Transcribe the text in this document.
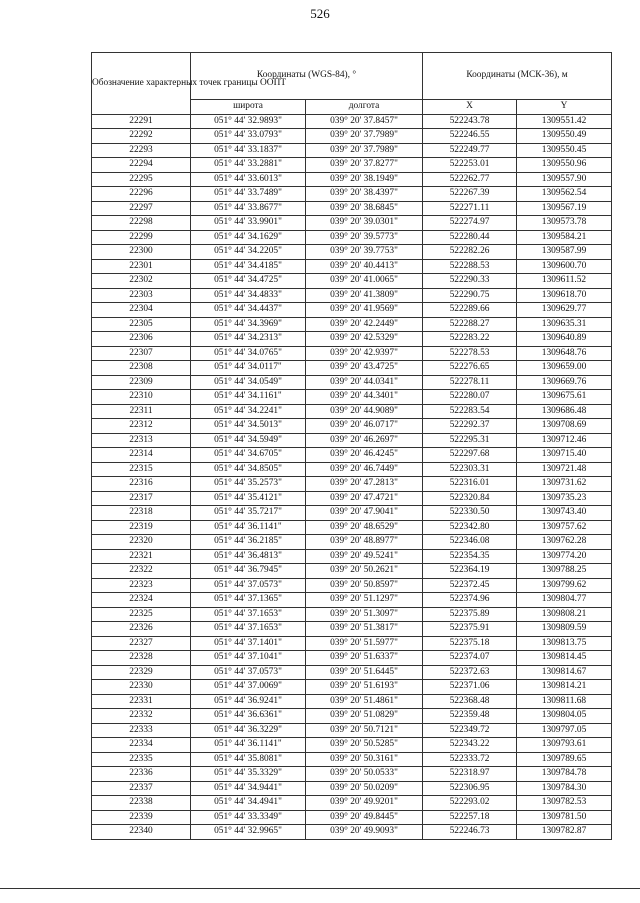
526
Обозначение характерных точек границы ООПТ	Координаты (WGS-84), °		Координаты (МСК-36), м	
	широта	долгота	X	Y
22291	051° 44' 32.9893"	039° 20' 37.8457"	522243.78	1309551.42
22292	051° 44' 33.0793"	039° 20' 37.7989"	522246.55	1309550.49
22293	051° 44' 33.1837"	039° 20' 37.7989"	522249.77	1309550.45
22294	051° 44' 33.2881"	039° 20' 37.8277"	522253.01	1309550.96
22295	051° 44' 33.6013"	039° 20' 38.1949"	522262.77	1309557.90
22296	051° 44' 33.7489"	039° 20' 38.4397"	522267.39	1309562.54
22297	051° 44' 33.8677"	039° 20' 38.6845"	522271.11	1309567.19
22298	051° 44' 33.9901"	039° 20' 39.0301"	522274.97	1309573.78
22299	051° 44' 34.1629"	039° 20' 39.5773"	522280.44	1309584.21
22300	051° 44' 34.2205"	039° 20' 39.7753"	522282.26	1309587.99
22301	051° 44' 34.4185"	039° 20' 40.4413"	522288.53	1309600.70
22302	051° 44' 34.4725"	039° 20' 41.0065"	522290.33	1309611.52
22303	051° 44' 34.4833"	039° 20' 41.3809"	522290.75	1309618.70
22304	051° 44' 34.4437"	039° 20' 41.9569"	522289.66	1309629.77
22305	051° 44' 34.3969"	039° 20' 42.2449"	522288.27	1309635.31
22306	051° 44' 34.2313"	039° 20' 42.5329"	522283.22	1309640.89
22307	051° 44' 34.0765"	039° 20' 42.9397"	522278.53	1309648.76
22308	051° 44' 34.0117"	039° 20' 43.4725"	522276.65	1309659.00
22309	051° 44' 34.0549"	039° 20' 44.0341"	522278.11	1309669.76
22310	051° 44' 34.1161"	039° 20' 44.3401"	522280.07	1309675.61
22311	051° 44' 34.2241"	039° 20' 44.9089"	522283.54	1309686.48
22312	051° 44' 34.5013"	039° 20' 46.0717"	522292.37	1309708.69
22313	051° 44' 34.5949"	039° 20' 46.2697"	522295.31	1309712.46
22314	051° 44' 34.6705"	039° 20' 46.4245"	522297.68	1309715.40
22315	051° 44' 34.8505"	039° 20' 46.7449"	522303.31	1309721.48
22316	051° 44' 35.2573"	039° 20' 47.2813"	522316.01	1309731.62
22317	051° 44' 35.4121"	039° 20' 47.4721"	522320.84	1309735.23
22318	051° 44' 35.7217"	039° 20' 47.9041"	522330.50	1309743.40
22319	051° 44' 36.1141"	039° 20' 48.6529"	522342.80	1309757.62
22320	051° 44' 36.2185"	039° 20' 48.8977"	522346.08	1309762.28
22321	051° 44' 36.4813"	039° 20' 49.5241"	522354.35	1309774.20
22322	051° 44' 36.7945"	039° 20' 50.2621"	522364.19	1309788.25
22323	051° 44' 37.0573"	039° 20' 50.8597"	522372.45	1309799.62
22324	051° 44' 37.1365"	039° 20' 51.1297"	522374.96	1309804.77
22325	051° 44' 37.1653"	039° 20' 51.3097"	522375.89	1309808.21
22326	051° 44' 37.1653"	039° 20' 51.3817"	522375.91	1309809.59
22327	051° 44' 37.1401"	039° 20' 51.5977"	522375.18	1309813.75
22328	051° 44' 37.1041"	039° 20' 51.6337"	522374.07	1309814.45
22329	051° 44' 37.0573"	039° 20' 51.6445"	522372.63	1309814.67
22330	051° 44' 37.0069"	039° 20' 51.6193"	522371.06	1309814.21
22331	051° 44' 36.9241"	039° 20' 51.4861"	522368.48	1309811.68
22332	051° 44' 36.6361"	039° 20' 51.0829"	522359.48	1309804.05
22333	051° 44' 36.3229"	039° 20' 50.7121"	522349.72	1309797.05
22334	051° 44' 36.1141"	039° 20' 50.5285"	522343.22	1309793.61
22335	051° 44' 35.8081"	039° 20' 50.3161"	522333.72	1309789.65
22336	051° 44' 35.3329"	039° 20' 50.0533"	522318.97	1309784.78
22337	051° 44' 34.9441"	039° 20' 50.0209"	522306.95	1309784.30
22338	051° 44' 34.4941"	039° 20' 49.9201"	522293.02	1309782.53
22339	051° 44' 33.3349"	039° 20' 49.8445"	522257.18	1309781.50
22340	051° 44' 32.9965"	039° 20' 49.9093"	522246.73	1309782.87
